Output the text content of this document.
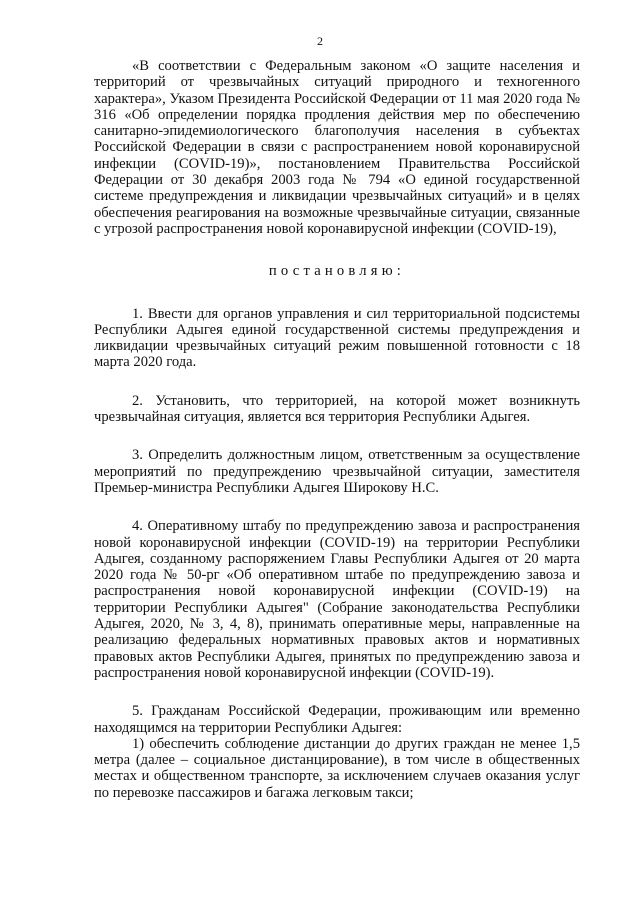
2

«В соответствии с Федеральным законом «О защите населения и территорий от чрезвычайных ситуаций природного и техногенного характера», Указом Президента Российской Федерации от 11 мая 2020 года № 316 «Об определении порядка продления действия мер по обеспечению санитарно-эпидемиологического благополучия населения в субъектах Российской Федерации в связи с распространением новой коронавирусной инфекции (COVID-19)», постановлением Правительства Российской Федерации от 30 декабря 2003 года № 794 «О единой государственной системе предупреждения и ликвидации чрезвычайных ситуаций» и в целях обеспечения реагирования на возможные чрезвычайные ситуации, связанные с угрозой распространения новой коронавирусной инфекции (COVID-19),

постановляю:

1. Ввести для органов управления и сил территориальной подсистемы Республики Адыгея единой государственной системы предупреждения и ликвидации чрезвычайных ситуаций режим повышенной готовности с 18 марта 2020 года.

2. Установить, что территорией, на которой может возникнуть чрезвычайная ситуация, является вся территория Республики Адыгея.

3. Определить должностным лицом, ответственным за осуществление мероприятий по предупреждению чрезвычайной ситуации, заместителя Премьер-министра Республики Адыгея Широкову Н.С.

4. Оперативному штабу по предупреждению завоза и распространения новой коронавирусной инфекции (COVID-19) на территории Республики Адыгея, созданному распоряжением Главы Республики Адыгея от 20 марта 2020 года № 50-рг «Об оперативном штабе по предупреждению завоза и распространения новой коронавирусной инфекции (COVID-19) на территории Республики Адыгея" (Собрание законодательства Республики Адыгея, 2020, № 3, 4, 8), принимать оперативные меры, направленные на реализацию федеральных нормативных правовых актов и нормативных правовых актов Республики Адыгея, принятых по предупреждению завоза и распространения новой коронавирусной инфекции (COVID-19).

5. Гражданам Российской Федерации, проживающим или временно находящимся на территории Республики Адыгея:

1) обеспечить соблюдение дистанции до других граждан не менее 1,5 метра (далее – социальное дистанцирование), в том числе в общественных местах и общественном транспорте, за исключением случаев оказания услуг по перевозке пассажиров и багажа легковым такси;
